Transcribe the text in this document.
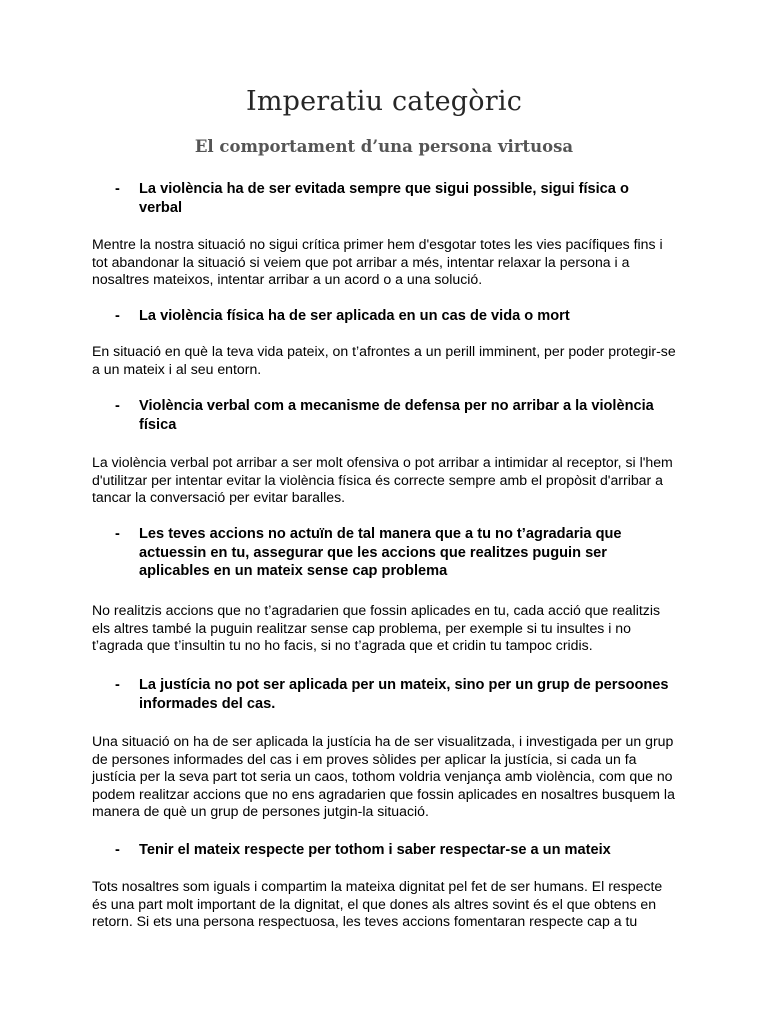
Imperatiu categòric
El comportament d’una persona virtuosa
- La violència ha de ser evitada sempre que sigui possible, sigui física o verbal

Mentre la nostra situació no sigui crítica primer hem d'esgotar totes les vies pacífiques fins i tot abandonar la situació si veiem que pot arribar a més, intentar relaxar la persona i a nosaltres mateixos, intentar arribar a un acord o a una solució.

- La violència física ha de ser aplicada en un cas de vida o mort

En situació en què la teva vida pateix, on t’afrontes a un perill imminent, per poder protegir-se a un mateix i al seu entorn.

- Violència verbal com a mecanisme de defensa per no arribar a la violència física

La violència verbal pot arribar a ser molt ofensiva o pot arribar a intimidar al receptor, si l'hem d'utilitzar per intentar evitar la violència física és correcte sempre amb el propòsit d'arribar a tancar la conversació per evitar baralles.

- Les teves accions no actuïn de tal manera que a tu no t’agradaria que actuessin en tu, assegurar que les accions que realitzes puguin ser aplicables en un mateix sense cap problema

No realitzis accions que no t’agradarien que fossin aplicades en tu, cada acció que realitzis els altres també la puguin realitzar sense cap problema, per exemple si tu insultes i no t’agrada que t’insultin tu no ho facis, si no t’agrada que et cridin tu tampoc cridis.

- La justícia no pot ser aplicada per un mateix, sino per un grup de persoones informades del cas.

Una situació on ha de ser aplicada la justícia ha de ser visualitzada, i investigada per un grup de persones informades del cas i em proves sòlides per aplicar la justícia, si cada un fa justícia per la seva part tot seria un caos, tothom voldria venjança amb violència, com que no podem realitzar accions que no ens agradarien que fossin aplicades en nosaltres busquem la manera de què un grup de persones jutgin-la situació.

- Tenir el mateix respecte per tothom i saber respectar-se a un mateix

Tots nosaltres som iguals i compartim la mateixa dignitat pel fet de ser humans. El respecte és una part molt important de la dignitat, el que dones als altres sovint és el que obtens en retorn. Si ets una persona respectuosa, les teves accions fomentaran respecte cap a tu
